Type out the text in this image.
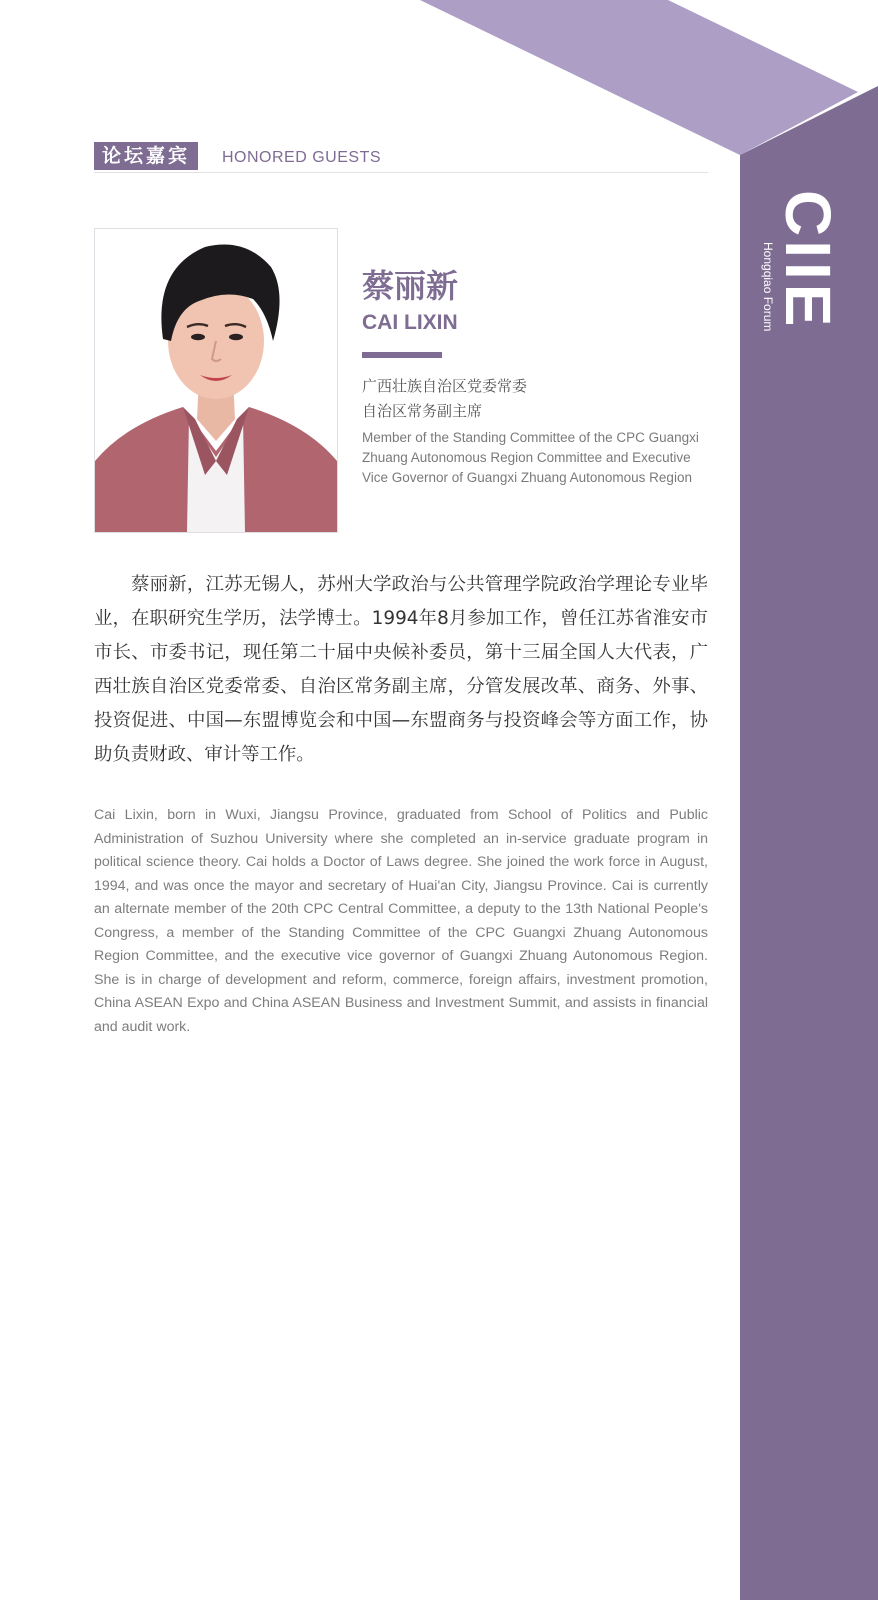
CIIE
Hongqiao Forum
论坛嘉宾	HONORED GUESTS
蔡丽新
CAI LIXIN
广西壮族自治区党委常委
自治区常务副主席
Member of the Standing Committee of the CPC Guangxi Zhuang Autonomous Region Committee and Executive Vice Governor of Guangxi Zhuang Autonomous Region

蔡丽新，江苏无锡人，苏州大学政治与公共管理学院政治学理论专业毕业，在职研究生学历，法学博士。1994年8月参加工作，曾任江苏省淮安市市长、市委书记，现任第二十届中央候补委员，第十三届全国人大代表，广西壮族自治区党委常委、自治区常务副主席，分管发展改革、商务、外事、投资促进、中国—东盟博览会和中国—东盟商务与投资峰会等方面工作，协助负责财政、审计等工作。

Cai Lixin, born in Wuxi, Jiangsu Province, graduated from School of Politics and Public Administration of Suzhou University where she completed an in-service graduate program in political science theory. Cai holds a Doctor of Laws degree. She joined the work force in August, 1994, and was once the mayor and secretary of Huai'an City, Jiangsu Province. Cai is currently an alternate member of the 20th CPC Central Committee, a deputy to the 13th National People's Congress, a member of the Standing Committee of the CPC Guangxi Zhuang Autonomous Region Committee, and the executive vice governor of Guangxi Zhuang Autonomous Region. She is in charge of development and reform, commerce, foreign affairs, investment promotion, China ASEAN Expo and China ASEAN Business and Investment Summit, and assists in financial and audit work.
